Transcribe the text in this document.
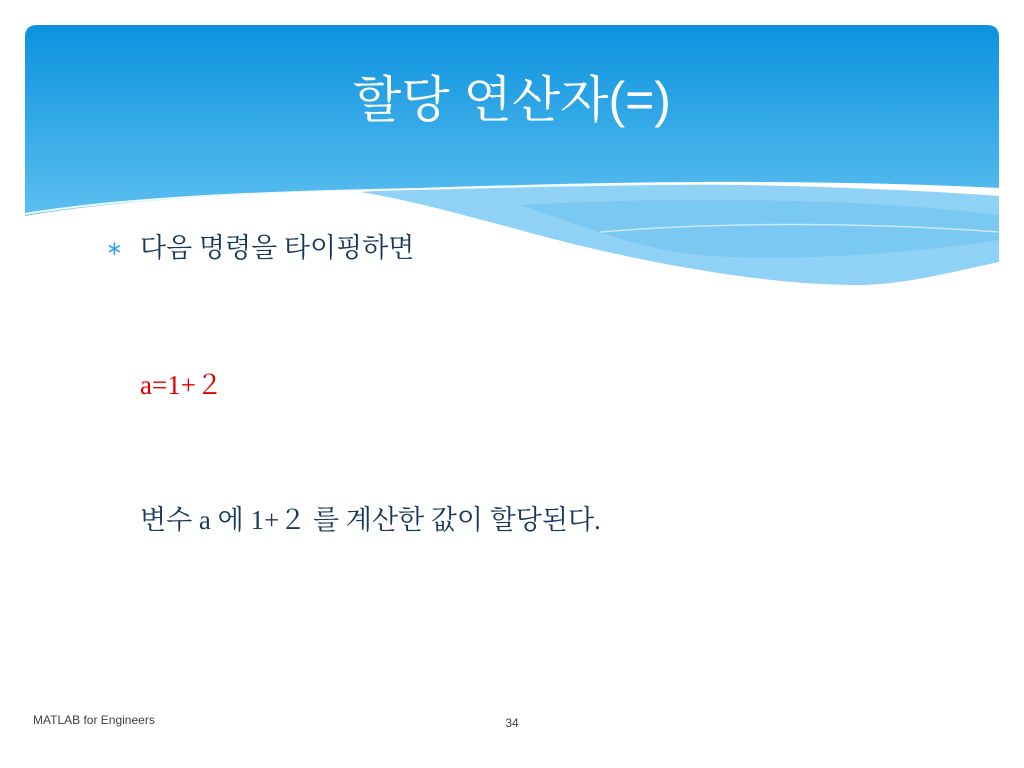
할당 연산자(=)
∗ 다음 명령을 타이핑하면
a=1+２
변수 a 에 1+２ 를 계산한 값이 할당된다.
MATLAB for Engineers	34
